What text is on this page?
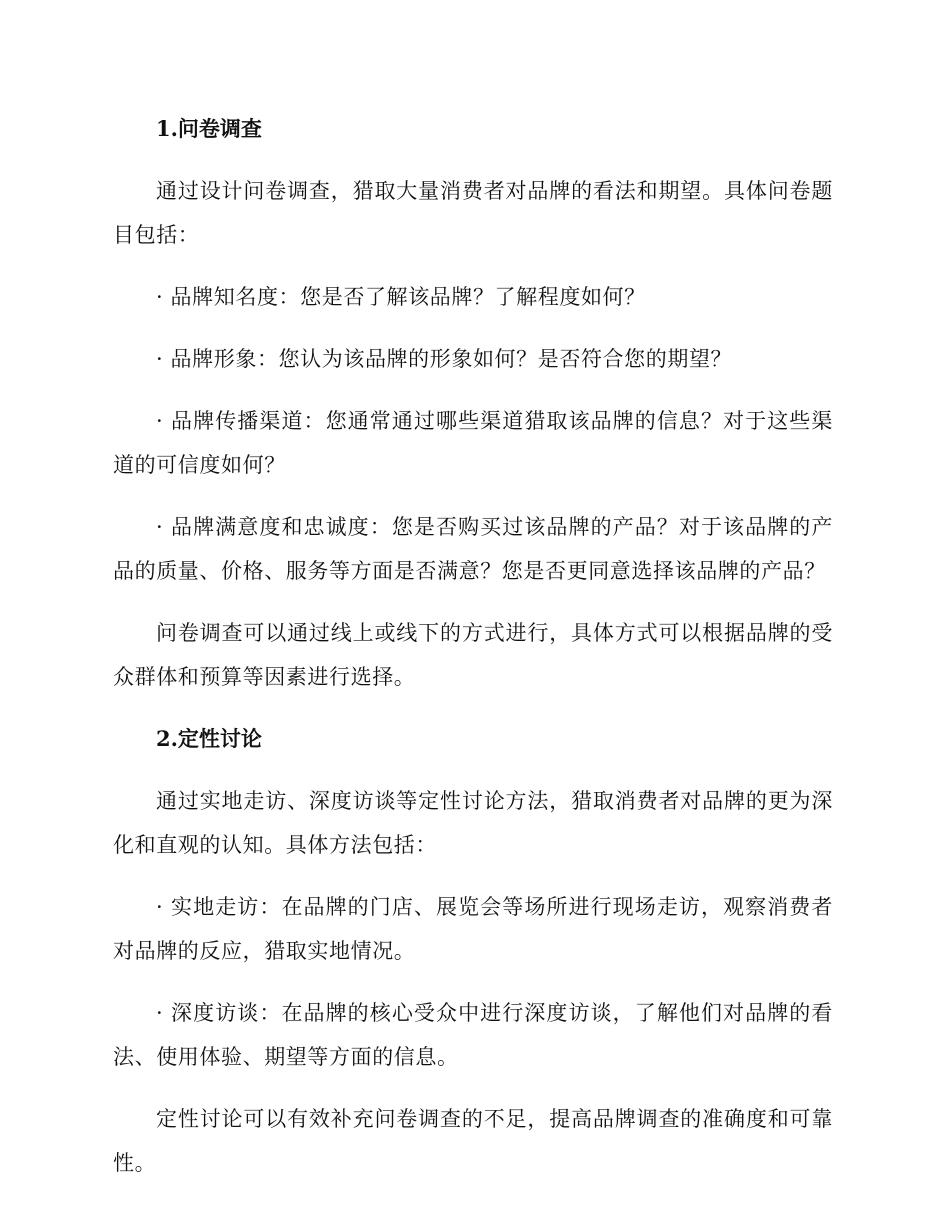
1.问卷调查

通过设计问卷调查，猎取大量消费者对品牌的看法和期望。具体问卷题目包括：

· 品牌知名度：您是否了解该品牌？了解程度如何？

· 品牌形象：您认为该品牌的形象如何？是否符合您的期望？

· 品牌传播渠道：您通常通过哪些渠道猎取该品牌的信息？对于这些渠道的可信度如何？

· 品牌满意度和忠诚度：您是否购买过该品牌的产品？对于该品牌的产品的质量、价格、服务等方面是否满意？您是否更同意选择该品牌的产品？

问卷调查可以通过线上或线下的方式进行，具体方式可以根据品牌的受众群体和预算等因素进行选择。

2.定性讨论

通过实地走访、深度访谈等定性讨论方法，猎取消费者对品牌的更为深化和直观的认知。具体方法包括：

· 实地走访：在品牌的门店、展览会等场所进行现场走访，观察消费者对品牌的反应，猎取实地情况。

· 深度访谈：在品牌的核心受众中进行深度访谈，了解他们对品牌的看法、使用体验、期望等方面的信息。

定性讨论可以有效补充问卷调查的不足，提高品牌调查的准确度和可靠性。
